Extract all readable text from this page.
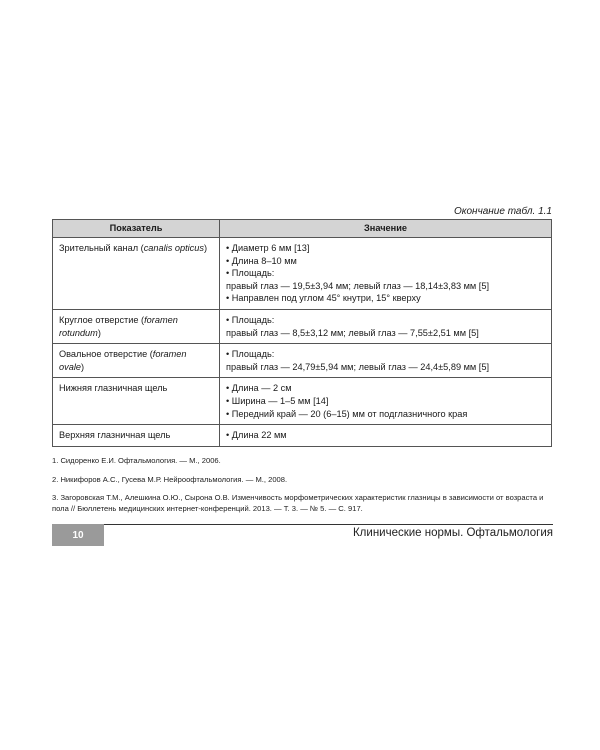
Окончание табл. 1.1
Показатель	Значение
Зрительный канал (canalis opticus)	• Диаметр 6 мм [13]
• Длина 8–10 мм
• Площадь:
правый глаз — 19,5±3,94 мм; левый глаз — 18,14±3,83 мм [5]
• Направлен под углом 45° кнутри, 15° кверху

Круглое отверстие (foramen rotundum)	• Площадь:
правый глаз — 8,5±3,12 мм; левый глаз — 7,55±2,51 мм [5]

Овальное отверстие (foramen ovale)	• Площадь:
правый глаз — 24,79±5,94 мм; левый глаз — 24,4±5,89 мм [5]

Нижняя глазничная щель	• Длина — 2 см
• Ширина — 1–5 мм [14]
• Передний край — 20 (6–15) мм от подглазничного края

Верхняя глазничная щель	• Длина 22 мм

1. Сидоренко Е.И. Офтальмология. — М., 2006.

2. Никифоров А.С., Гусева М.Р. Нейроофтальмология. — М., 2008.

3. Загоровская Т.М., Алешкина О.Ю., Сырона О.В. Изменчивость морфометрических характеристик глазницы в зависимости от возраста и пола // Бюллетень медицинских интернет-конференций. 2013. — Т. 3. — № 5. — С. 917.

10	Клинические нормы. Офтальмология
